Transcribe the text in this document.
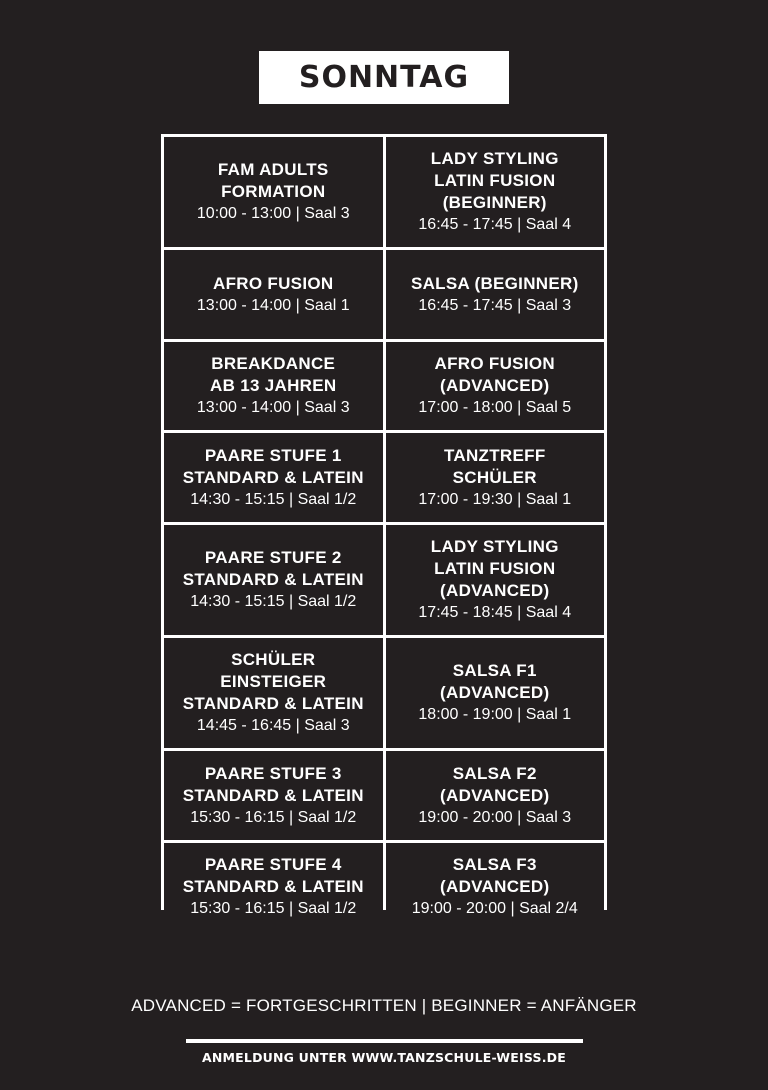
SONNTAG
FAM ADULTS
FORMATION
10:00 - 13:00 | Saal 3
LADY STYLING
LATIN FUSION
(BEGINNER)
16:45 - 17:45 | Saal 4
AFRO FUSION
13:00 - 14:00 | Saal 1
SALSA (BEGINNER)
16:45 - 17:45 | Saal 3
BREAKDANCE
AB 13 JAHREN
13:00 - 14:00 | Saal 3
AFRO FUSION
(ADVANCED)
17:00 - 18:00 | Saal 5
PAARE STUFE 1
STANDARD & LATEIN
14:30 - 15:15 | Saal 1/2
TANZTREFF
SCHÜLER
17:00 - 19:30 | Saal 1
PAARE STUFE 2
STANDARD & LATEIN
14:30 - 15:15 | Saal 1/2
LADY STYLING
LATIN FUSION
(ADVANCED)
17:45 - 18:45 | Saal 4
SCHÜLER
EINSTEIGER
STANDARD & LATEIN
14:45 - 16:45 | Saal 3
SALSA F1
(ADVANCED)
18:00 - 19:00 | Saal 1
PAARE STUFE 3
STANDARD & LATEIN
15:30 - 16:15 | Saal 1/2
SALSA F2
(ADVANCED)
19:00 - 20:00 | Saal 3
PAARE STUFE 4
STANDARD & LATEIN
15:30 - 16:15 | Saal 1/2
SALSA F3
(ADVANCED)
19:00 - 20:00 | Saal 2/4
ADVANCED = FORTGESCHRITTEN | BEGINNER = ANFÄNGER
ANMELDUNG UNTER WWW.TANZSCHULE-WEISS.DE
